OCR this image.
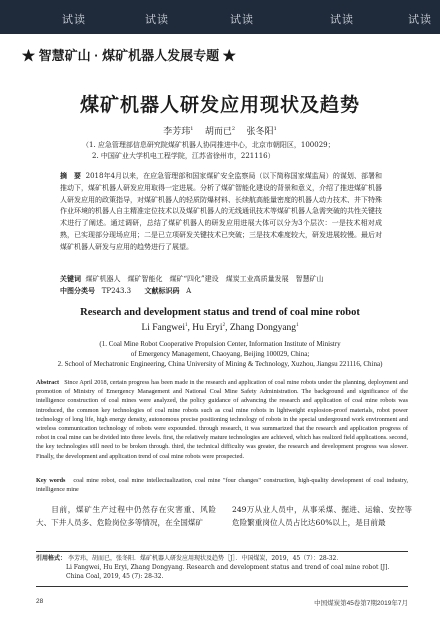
试读	试读	试读	试读	试读
★ 智慧矿山 · 煤矿机器人发展专题 ★
煤矿机器人研发应用现状及趋势
李芳玮$^1$ 胡而已$^2$ 张冬阳$^1$
（1. 应急管理部信息研究院煤矿机器人协同推进中心，北京市朝阳区，100029；
2. 中国矿业大学机电工程学院，江苏省徐州市，221116）
摘　要 2018年4月以来，在应急管理部和国家煤矿安全监察局（以下简称国家煤监局）的谋划、部署和推动下，煤矿机器人研发应用取得一定进展。分析了煤矿智能化建设的背景和意义，介绍了推进煤矿机器人研发应用的政策指导，对煤矿机器人的轻质防爆材料、长续航高能量密度的机器人动力技术、井下特殊作业环境的机器人自主精准定位技术以及煤矿机器人的无线通讯技术等煤矿机器人急需突破的共性关键技术进行了阐述。通过调研，总结了煤矿机器人的研发应用进展大体可以分为3个层次：一是技术相对成熟，已实现部分现场应用；二是已立项研发关键技术已突破；三是技术难度较大，研发进展较慢。最后对煤矿机器人研发与应用的趋势进行了展望。
关键词 煤矿机器人　煤矿智能化　煤矿“四化”建设　煤炭工业高质量发展　智慧矿山
中图分类号 TP243.3 文献标识码 A
Research and development status and trend of coal mine robot
Li Fangwei$^1$, Hu Eryi$^2$, Zhang Dongyang$^1$
(1. Coal Mine Robot Cooperative Propulsion Center, Information Institute of Ministry
of Emergency Management, Chaoyang, Beijing 100029, China;
2. School of Mechatronic Engineering, China University of Mining & Technology, Xuzhou, Jiangsu 221116, China)
Abstract Since April 2018, certain progress has been made in the research and application of coal mine robots under the planning, deployment and promotion of Ministry of Emergency Management and National Coal Mine Safety Administration. The background and significance of the intelligence construction of coal mines were analyzed, the policy guidance of advancing the research and application of coal mine robots was introduced, the common key technologies of coal mine robots such as coal mine robots in lightweight explosion-proof materials, robot power technology of long life, high energy density, autonomous precise positioning technology of robots in the special underground work environment and wireless communication technology of robots were expounded. through research, it was summarized that the research and application progress of robot in coal mine can be divided into three levels. first, the relatively mature technologies are achieved, which has realized field applications. second, the key technologies still need to be broken through. third, the technical difficulty was greater, the research and development progress was slower. Finally, the development and application trend of coal mine robots were prospected.
Key words coal mine robot, coal mine intellectualization, coal mine "four changes" construction, high-quality development of coal industry, intelligence mine
目前，煤矿生产过程中仍然存在灾害重、风险大、下井人员多、危险岗位多等情况，在全国煤矿
249万从业人员中，从事采煤、掘进、运输、安控等危险繁重岗位人员占比达60%以上，是目前最
引用格式： 李芳玮，胡而已，张冬阳．煤矿机器人研发应用现状及趋势［J］．中国煤炭，2019，45（7）：28-32．
Li Fangwei, Hu Eryi, Zhang Dongyang. Research and development status and trend of coal mine robot [J]. China Coal, 2019, 45 (7): 28-32.
28	中国煤炭第45卷第7期2019年7月
